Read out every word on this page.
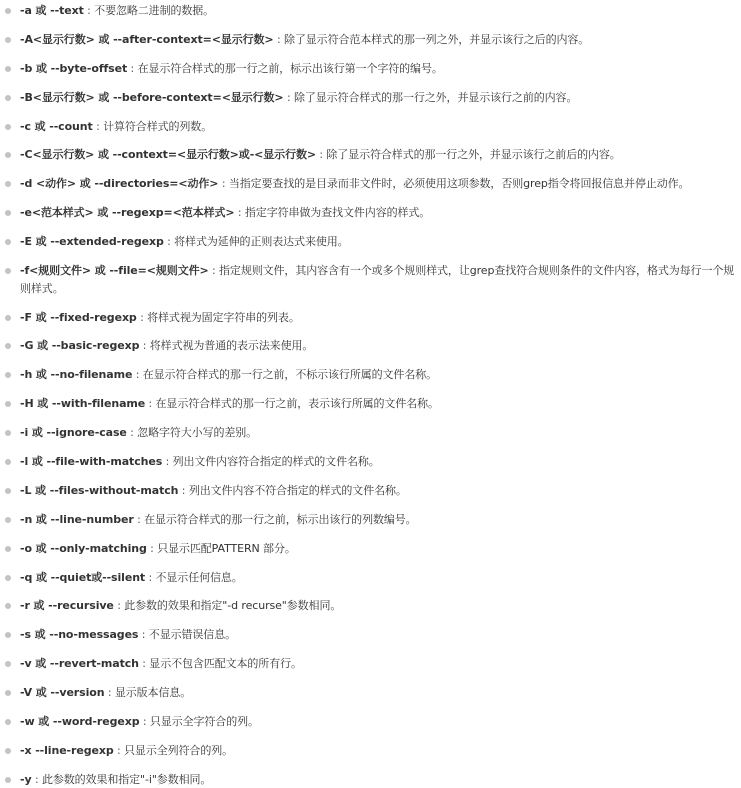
-a 或 --text : 不要忽略二进制的数据。
-A<显示行数> 或 --after-context=<显示行数> : 除了显示符合范本样式的那一列之外，并显示该行之后的内容。
-b 或 --byte-offset : 在显示符合样式的那一行之前，标示出该行第一个字符的编号。
-B<显示行数> 或 --before-context=<显示行数> : 除了显示符合样式的那一行之外，并显示该行之前的内容。
-c 或 --count : 计算符合样式的列数。
-C<显示行数> 或 --context=<显示行数>或-<显示行数> : 除了显示符合样式的那一行之外，并显示该行之前后的内容。
-d <动作> 或 --directories=<动作> : 当指定要查找的是目录而非文件时，必须使用这项参数，否则grep指令将回报信息并停止动作。
-e<范本样式> 或 --regexp=<范本样式> : 指定字符串做为查找文件内容的样式。
-E 或 --extended-regexp : 将样式为延伸的正则表达式来使用。
-f<规则文件> 或 --file=<规则文件> : 指定规则文件，其内容含有一个或多个规则样式，让grep查找符合规则条件的文件内容，格式为每行一个规则样式。
-F 或 --fixed-regexp : 将样式视为固定字符串的列表。
-G 或 --basic-regexp : 将样式视为普通的表示法来使用。
-h 或 --no-filename : 在显示符合样式的那一行之前，不标示该行所属的文件名称。
-H 或 --with-filename : 在显示符合样式的那一行之前，表示该行所属的文件名称。
-i 或 --ignore-case : 忽略字符大小写的差别。
-l 或 --file-with-matches : 列出文件内容符合指定的样式的文件名称。
-L 或 --files-without-match : 列出文件内容不符合指定的样式的文件名称。
-n 或 --line-number : 在显示符合样式的那一行之前，标示出该行的列数编号。
-o 或 --only-matching : 只显示匹配PATTERN 部分。
-q 或 --quiet或--silent : 不显示任何信息。
-r 或 --recursive : 此参数的效果和指定"-d recurse"参数相同。
-s 或 --no-messages : 不显示错误信息。
-v 或 --revert-match : 显示不包含匹配文本的所有行。
-V 或 --version : 显示版本信息。
-w 或 --word-regexp : 只显示全字符合的列。
-x --line-regexp : 只显示全列符合的列。
-y : 此参数的效果和指定"-i"参数相同。
